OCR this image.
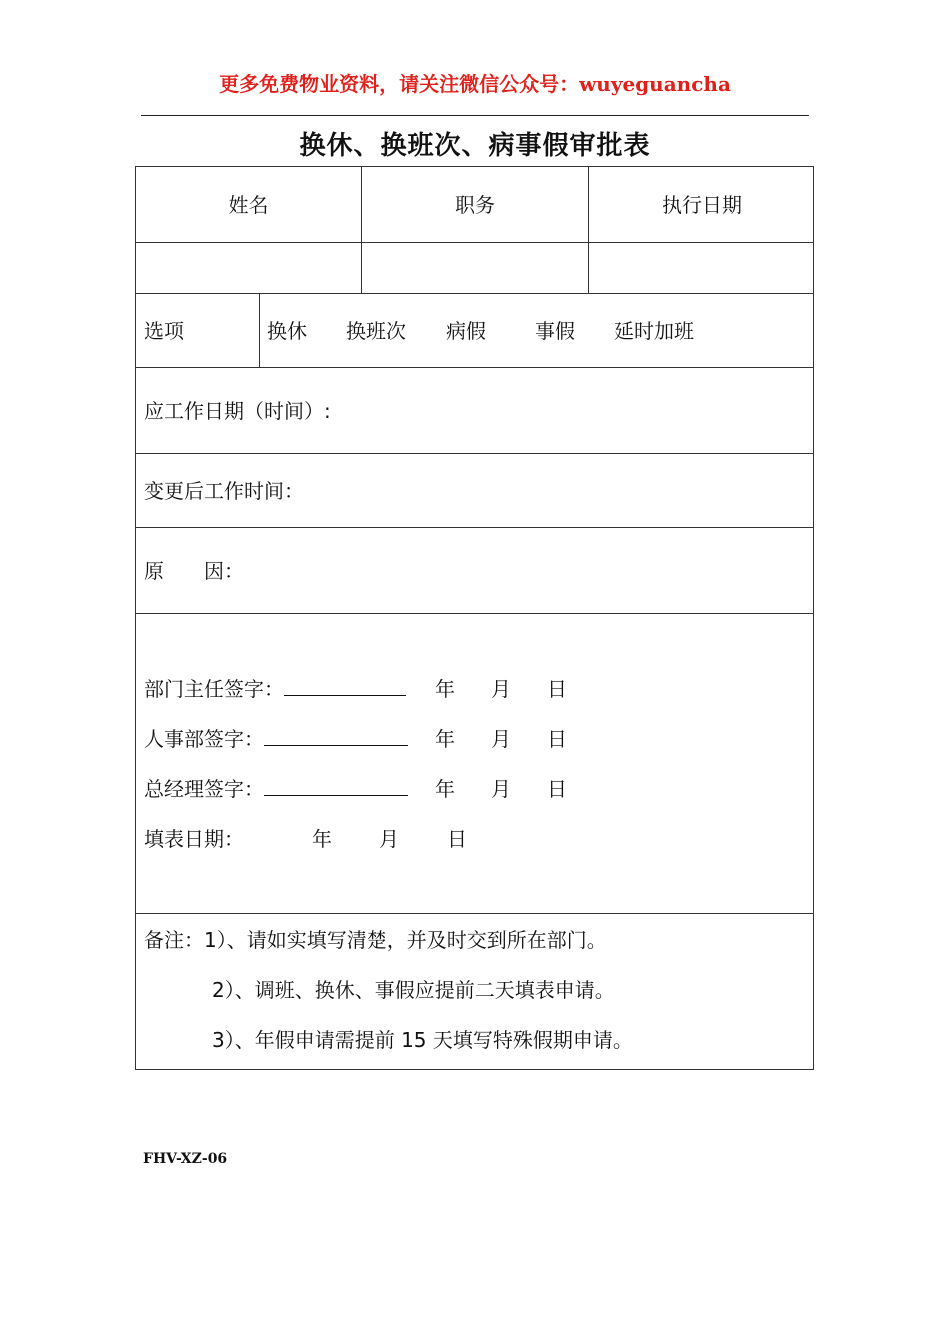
更多免费物业资料，请关注微信公众号：wuyeguancha
换休、换班次、病事假审批表
姓名	职务	执行日期
选项	换休 换班次 病假 事假 延时加班
应工作日期（时间）:
变更后工作时间：
原　　因：
部门主任签字：	年 月 日
人事部签字：	年 月 日
总经理签字：	年 月 日
填表日期：	年 月 日
备注：1）、请如实填写清楚，并及时交到所在部门。
2）、调班、换休、事假应提前二天填表申请。
3）、年假申请需提前 15 天填写特殊假期申请。
FHV-XZ-06
